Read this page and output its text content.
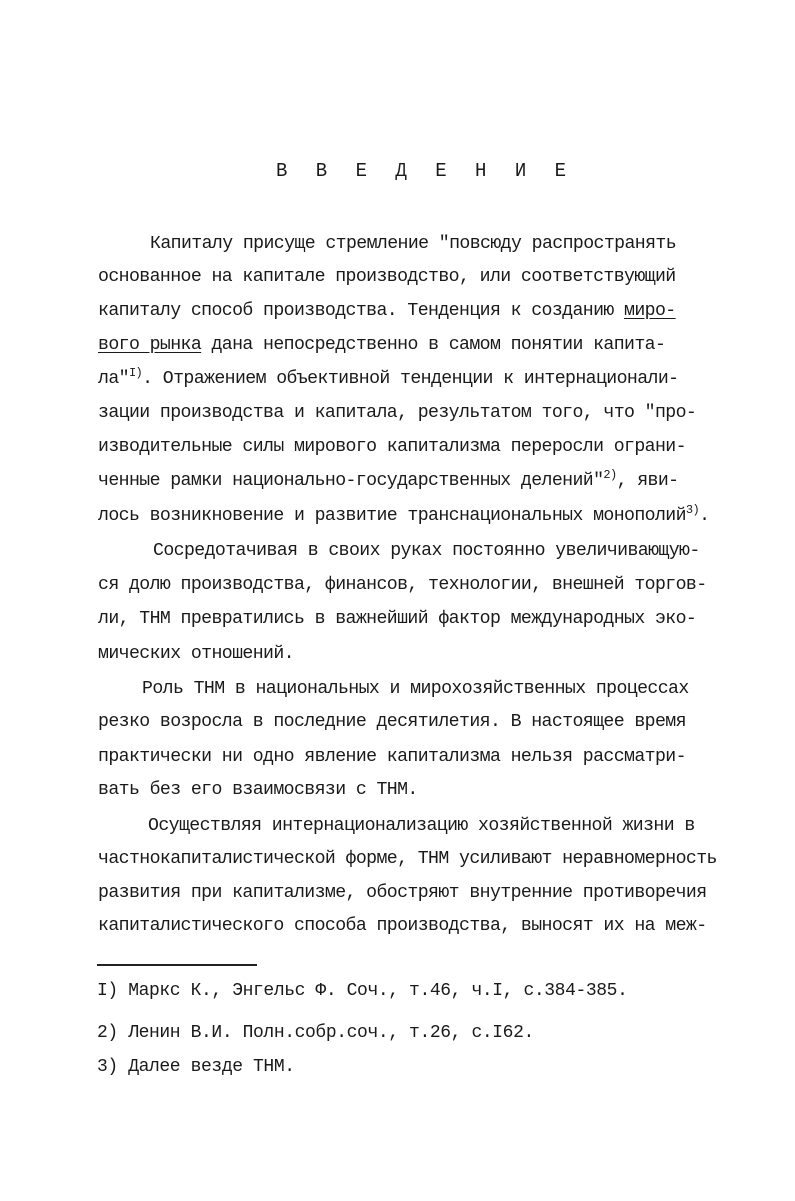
В В Е Д Е Н И Е
Капиталу присуще стремление "повсюду распространять
основанное на капитале производство, или соответствующий
капиталу способ производства. Тенденция к созданию миро-
вого рынка дана непосредственно в самом понятии капита-
ла"$^{I)}$. Отражением объективной тенденции к интернационали-
зации производства и капитала, результатом того, что "про-
изводительные силы мирового капитализма переросли ограни-
ченные рамки национально-государственных делений"$^{2)}$, яви-
лось возникновение и развитие транснациональных монополий$^{3)}$.
Сосредотачивая в своих руках постоянно увеличивающую-
ся долю производства, финансов, технологии, внешней торгов-
ли, ТНМ превратились в важнейший фактор международных эко-
мических отношений.
Роль ТНМ в национальных и мирохозяйственных процессах
резко возросла в последние десятилетия. В настоящее время
практически ни одно явление капитализма нельзя рассматри-
вать без его взаимосвязи с ТНМ.
Осуществляя интернационализацию хозяйственной жизни в
частнокапиталистической форме, ТНМ усиливают неравномерность
развития при капитализме, обостряют внутренние противоречия
капиталистического способа производства, выносят их на меж-
I) Маркс К., Энгельс Ф. Соч., т.46, ч.I, с.384-385.
2) Ленин В.И. Полн.собр.соч., т.26, с.I62.
3) Далее везде ТНМ.
